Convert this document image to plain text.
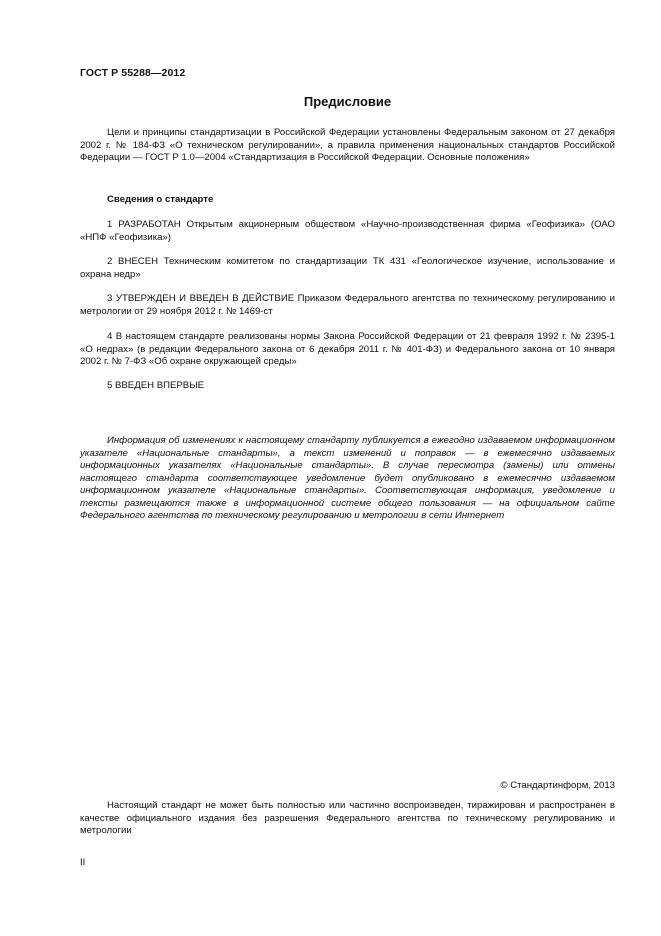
ГОСТ Р 55288—2012
Предисловие

Цели и принципы стандартизации в Российской Федерации установлены Федеральным законом от 27 декабря 2002 г. № 184-ФЗ «О техническом регулировании», а правила применения национальных стандартов Российской Федерации — ГОСТ Р 1.0—2004 «Стандартизация в Российской Федерации. Основные положения»

Сведения о стандарте

1 РАЗРАБОТАН Открытым акционерным обществом «Научно-производственная фирма «Геофизика» (ОАО «НПФ «Геофизика»)

2 ВНЕСЕН Техническим комитетом по стандартизации ТК 431 «Геологическое изучение, использование и охрана недр»

3 УТВЕРЖДЕН И ВВЕДЕН В ДЕЙСТВИЕ Приказом Федерального агентства по техническому регулированию и метрологии от 29 ноября 2012 г. № 1469-ст

4 В настоящем стандарте реализованы нормы Закона Российской Федерации от 21 февраля 1992 г. № 2395-1 «О недрах» (в редакции Федерального закона от 6 декабря 2011 г. № 401-ФЗ) и Федерального закона от 10 января 2002 г. № 7-ФЗ «Об охране окружающей среды»

5 ВВЕДЕН ВПЕРВЫЕ

Информация об изменениях к настоящему стандарту публикуется в ежегодно издаваемом информационном указателе «Национальные стандарты», а текст изменений и поправок — в ежемесячно издаваемых информационных указателях «Национальные стандарты». В случае пересмотра (замены) или отмены настоящего стандарта соответствующее уведомление будет опубликовано в ежемесячно издаваемом информационном указателе «Национальные стандарты». Соответствующая информация, уведомление и тексты размещаются также в информационной системе общего пользования — на официальном сайте Федерального агентства по техническому регулированию и метрологии в сети Интернет

© Стандартинформ, 2013

Настоящий стандарт не может быть полностью или частично воспроизведен, тиражирован и распространен в качестве официального издания без разрешения Федерального агентства по техническому регулированию и метрологии

II
